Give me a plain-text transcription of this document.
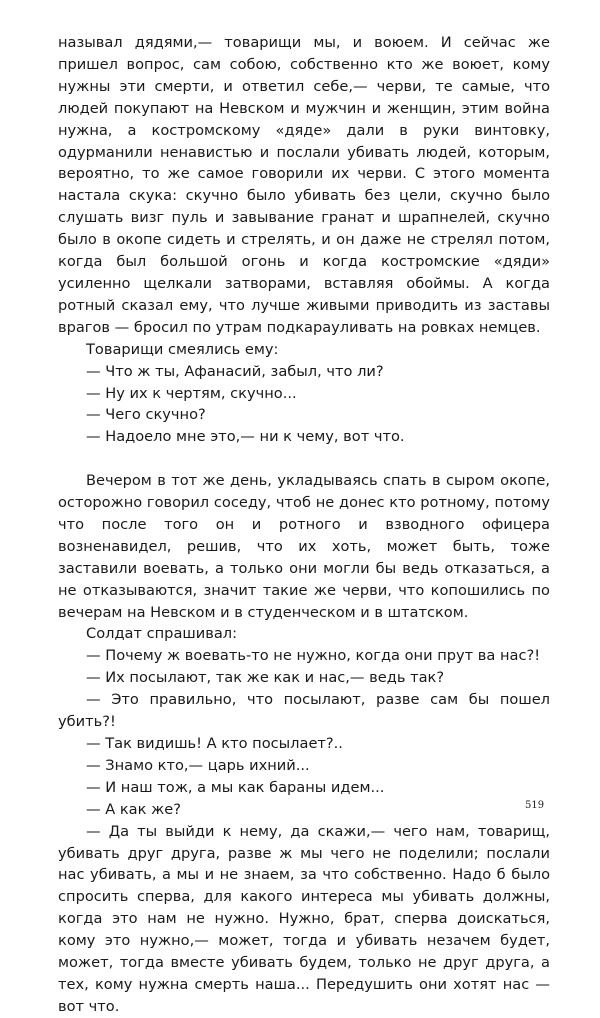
называл дядями,— товарищи мы, и воюем. И сейчас же пришел вопрос, сам собою, собственно кто же воюет, кому нужны эти смерти, и ответил себе,— черви, те самые, что людей покупают на Невском и мужчин и женщин, этим война нужна, а костромскому «дяде» дали в руки винтовку, одурманили ненавистью и послали убивать людей, которым, вероятно, то же самое говорили их черви. С этого момента настала скука: скучно было убивать без цели, скучно было слушать визг пуль и завывание гранат и шрапнелей, скучно было в окопе сидеть и стрелять, и он даже не стрелял потом, когда был большой огонь и когда костромские «дяди» усиленно щелкали затворами, вставляя обоймы. А когда ротный сказал ему, что лучше живыми приводить из заставы врагов — бросил по утрам подкарауливать на ровках немцев.

Товарищи смеялись ему:

— Что ж ты, Афанасий, забыл, что ли?

— Ну их к чертям, скучно...

— Чего скучно?

— Надоело мне это,— ни к чему, вот что.

Вечером в тот же день, укладываясь спать в сыром окопе, осторожно говорил соседу, чтоб не донес кто ротному, потому что после того он и ротного и взводного офицера возненавидел, решив, что их хоть, может быть, тоже заставили воевать, а только они могли бы ведь отказаться, а не отказываются, значит такие же черви, что копошились по вечерам на Невском и в студенческом и в штатском.

Солдат спрашивал:

— Почему ж воевать-то не нужно, когда они прут ва нас?!

— Их посылают, так же как и нас,— ведь так?

— Это правильно, что посылают, разве сам бы пошел убить?!

— Так видишь! А кто посылает?..

— Знамо кто,— царь ихний...

— И наш тож, а мы как бараны идем...

— А как же?

— Да ты выйди к нему, да скажи,— чего нам, товарищ, убивать друг друга, разве ж мы чего не поделили; послали нас убивать, а мы и не знаем, за что собственно. Надо б было спросить сперва, для какого интереса мы убивать должны, когда это нам не нужно. Нужно, брат, сперва доискаться, кому это нужно,— может, тогда и убивать незачем будет, может, тогда вместе убивать будем, только не друг друга, а тех, кому нужна смерть наша... Передушить они хотят нас — вот что.

519
